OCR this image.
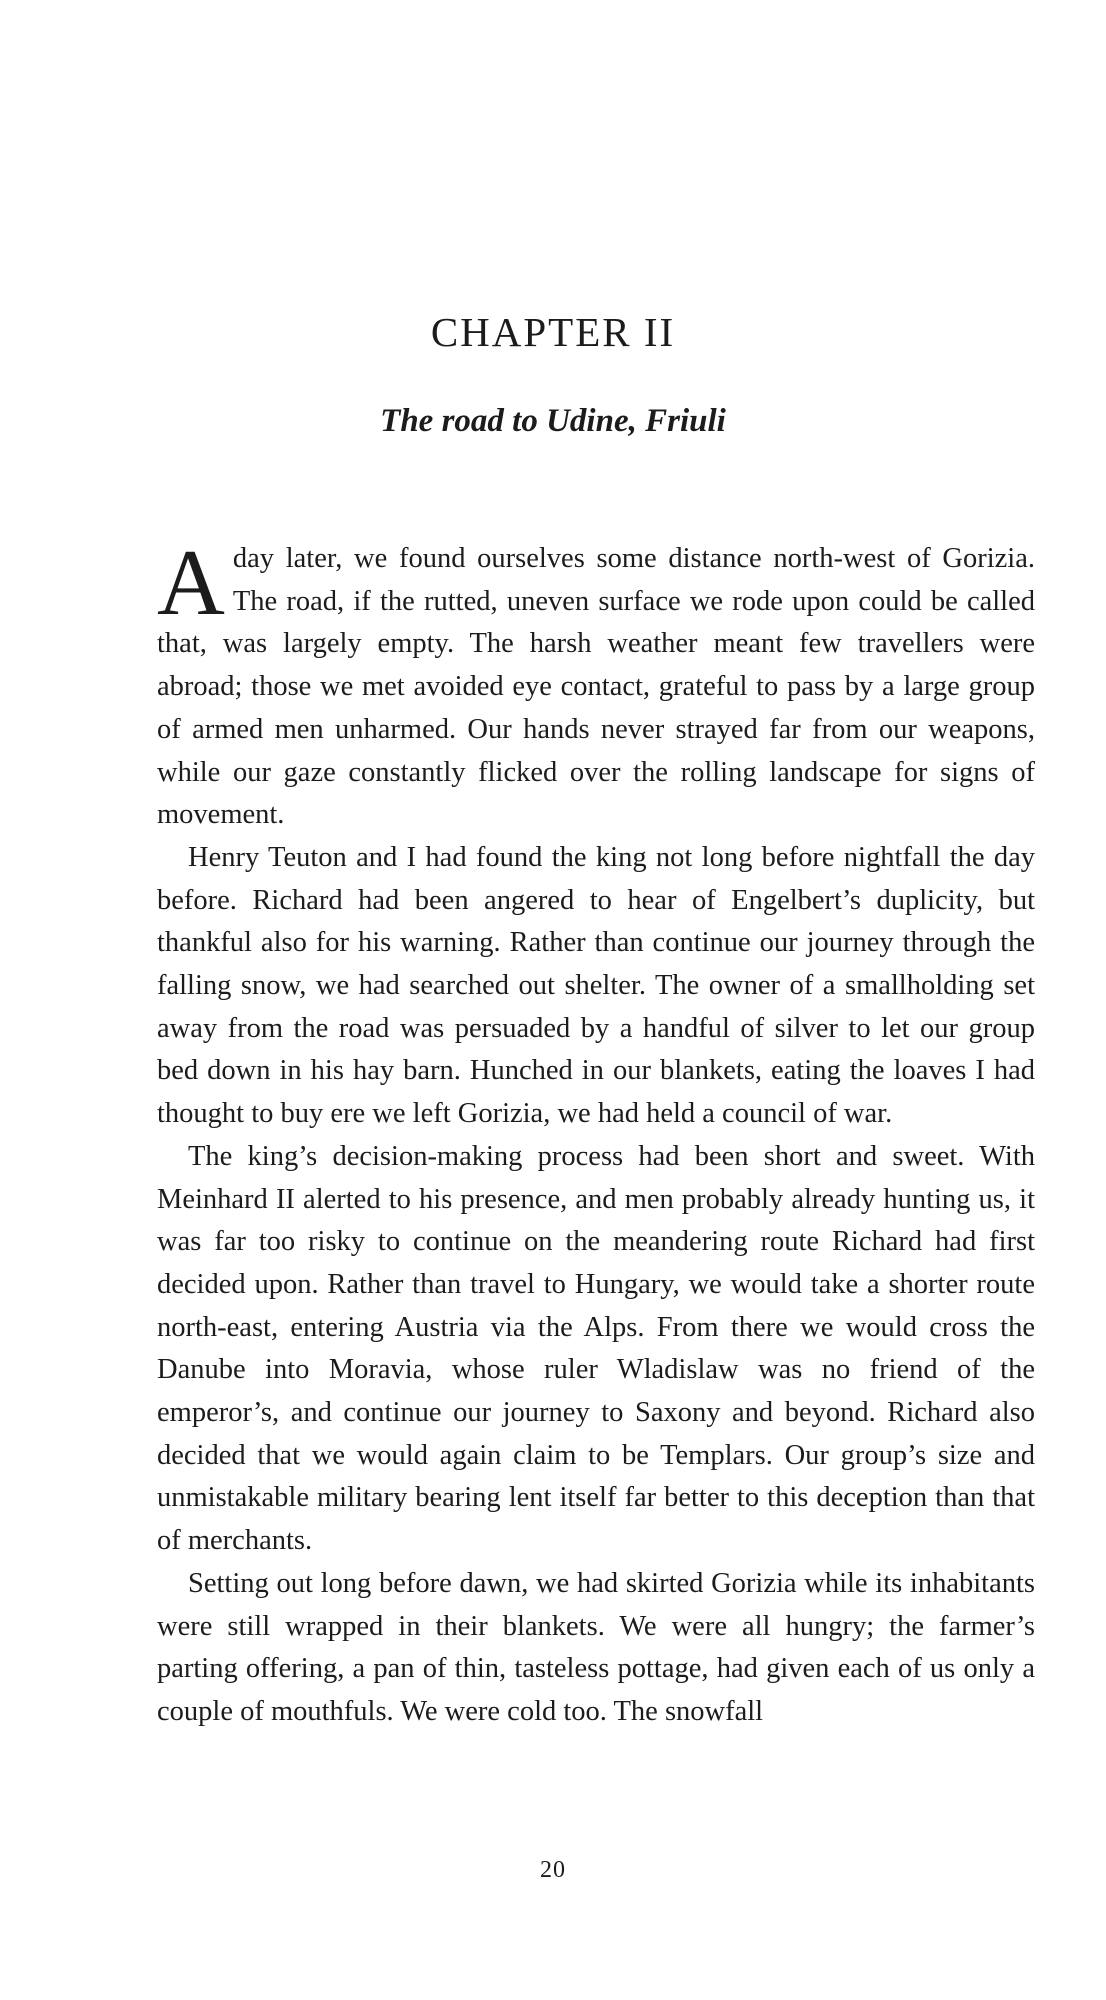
CHAPTER II
The road to Udine, Friuli

A day later, we found ourselves some distance north-west of Gorizia. The road, if the rutted, uneven surface we rode upon could be called that, was largely empty. The harsh weather meant few travellers were abroad; those we met avoided eye contact, grateful to pass by a large group of armed men unharmed. Our hands never strayed far from our weapons, while our gaze constantly flicked over the rolling landscape for signs of movement.

Henry Teuton and I had found the king not long before nightfall the day before. Richard had been angered to hear of Engelbert’s duplicity, but thankful also for his warning. Rather than continue our journey through the falling snow, we had searched out shelter. The owner of a smallholding set away from the road was persuaded by a handful of silver to let our group bed down in his hay barn. Hunched in our blankets, eating the loaves I had thought to buy ere we left Gorizia, we had held a council of war.

The king’s decision-making process had been short and sweet. With Meinhard II alerted to his presence, and men probably already hunting us, it was far too risky to continue on the meandering route Richard had first decided upon. Rather than travel to Hungary, we would take a shorter route north-east, entering Austria via the Alps. From there we would cross the Danube into Moravia, whose ruler Wladislaw was no friend of the emperor’s, and continue our journey to Saxony and beyond. Richard also decided that we would again claim to be Templars. Our group’s size and unmistakable military bearing lent itself far better to this deception than that of merchants.

Setting out long before dawn, we had skirted Gorizia while its inhabitants were still wrapped in their blankets. We were all hungry; the farmer’s parting offering, a pan of thin, tasteless pottage, had given each of us only a couple of mouthfuls. We were cold too. The snowfall

20
